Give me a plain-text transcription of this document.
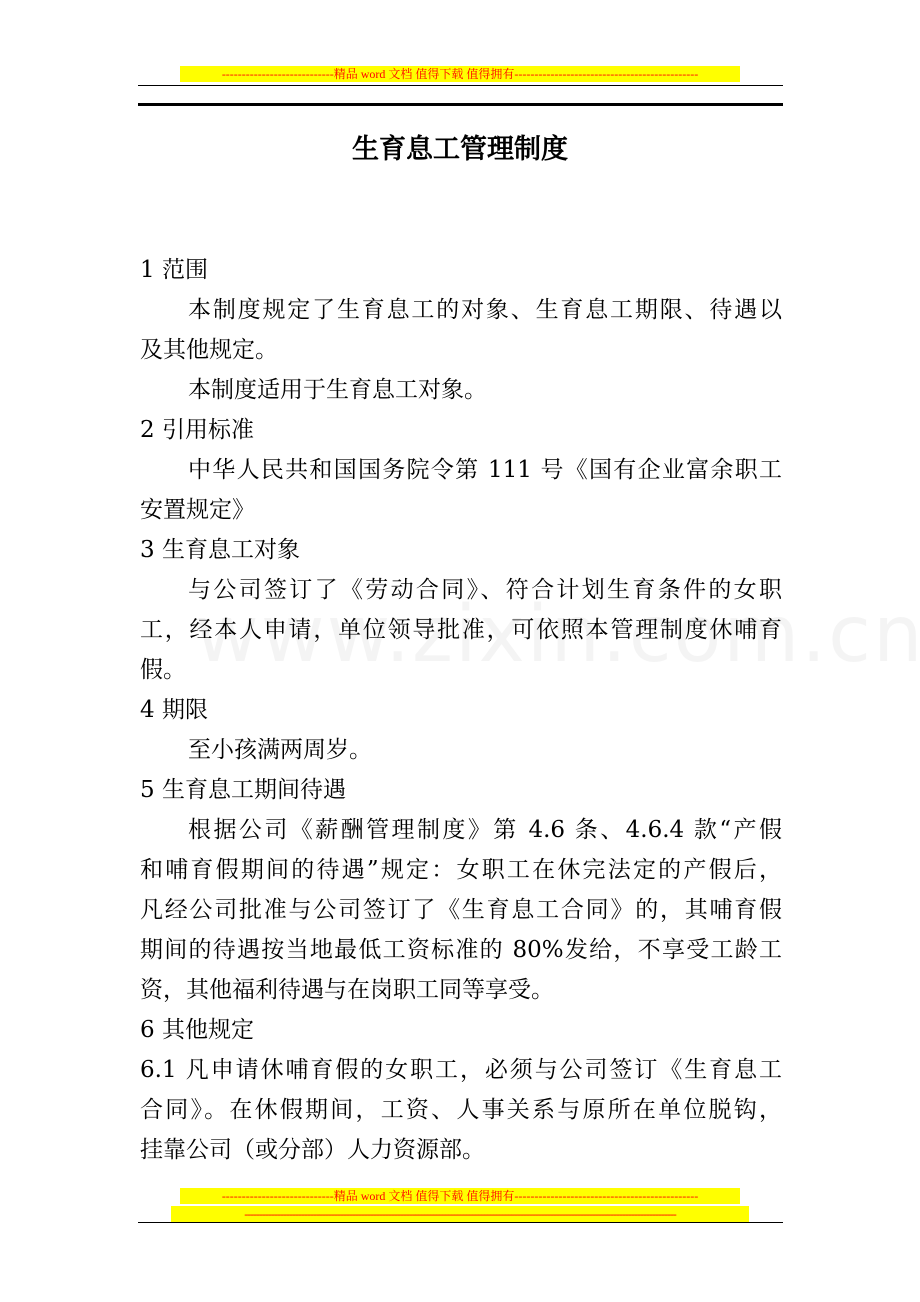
----------------------------精品 word 文档 值得下载 值得拥有----------------------------------------------
生育息工管理制度
1 范围
本制度规定了生育息工的对象、生育息工期限、待遇以
及其他规定。
本制度适用于生育息工对象。
2 引用标准
中华人民共和国国务院令第 111 号《国有企业富余职工
安置规定》
3 生育息工对象
与公司签订了《劳动合同》、符合计划生育条件的女职
工，经本人申请，单位领导批准，可依照本管理制度休哺育
假。
4 期限
至小孩满两周岁。
5 生育息工期间待遇
根据公司《薪酬管理制度》第 4.6 条、4.6.4 款“产假
和哺育假期间的待遇”规定：女职工在休完法定的产假后，
凡经公司批准与公司签订了《生育息工合同》的，其哺育假
期间的待遇按当地最低工资标准的 80%发给，不享受工龄工
资，其他福利待遇与在岗职工同等享受。
6 其他规定
6.1 凡申请休哺育假的女职工，必须与公司签订《生育息工
合同》。在休假期间，工资、人事关系与原所在单位脱钩，
挂靠公司（或分部）人力资源部。
----------------------------精品 word 文档 值得下载 值得拥有----------------------------------------------
------------------------------------------------------------------------------------------------------------------------------------------------
